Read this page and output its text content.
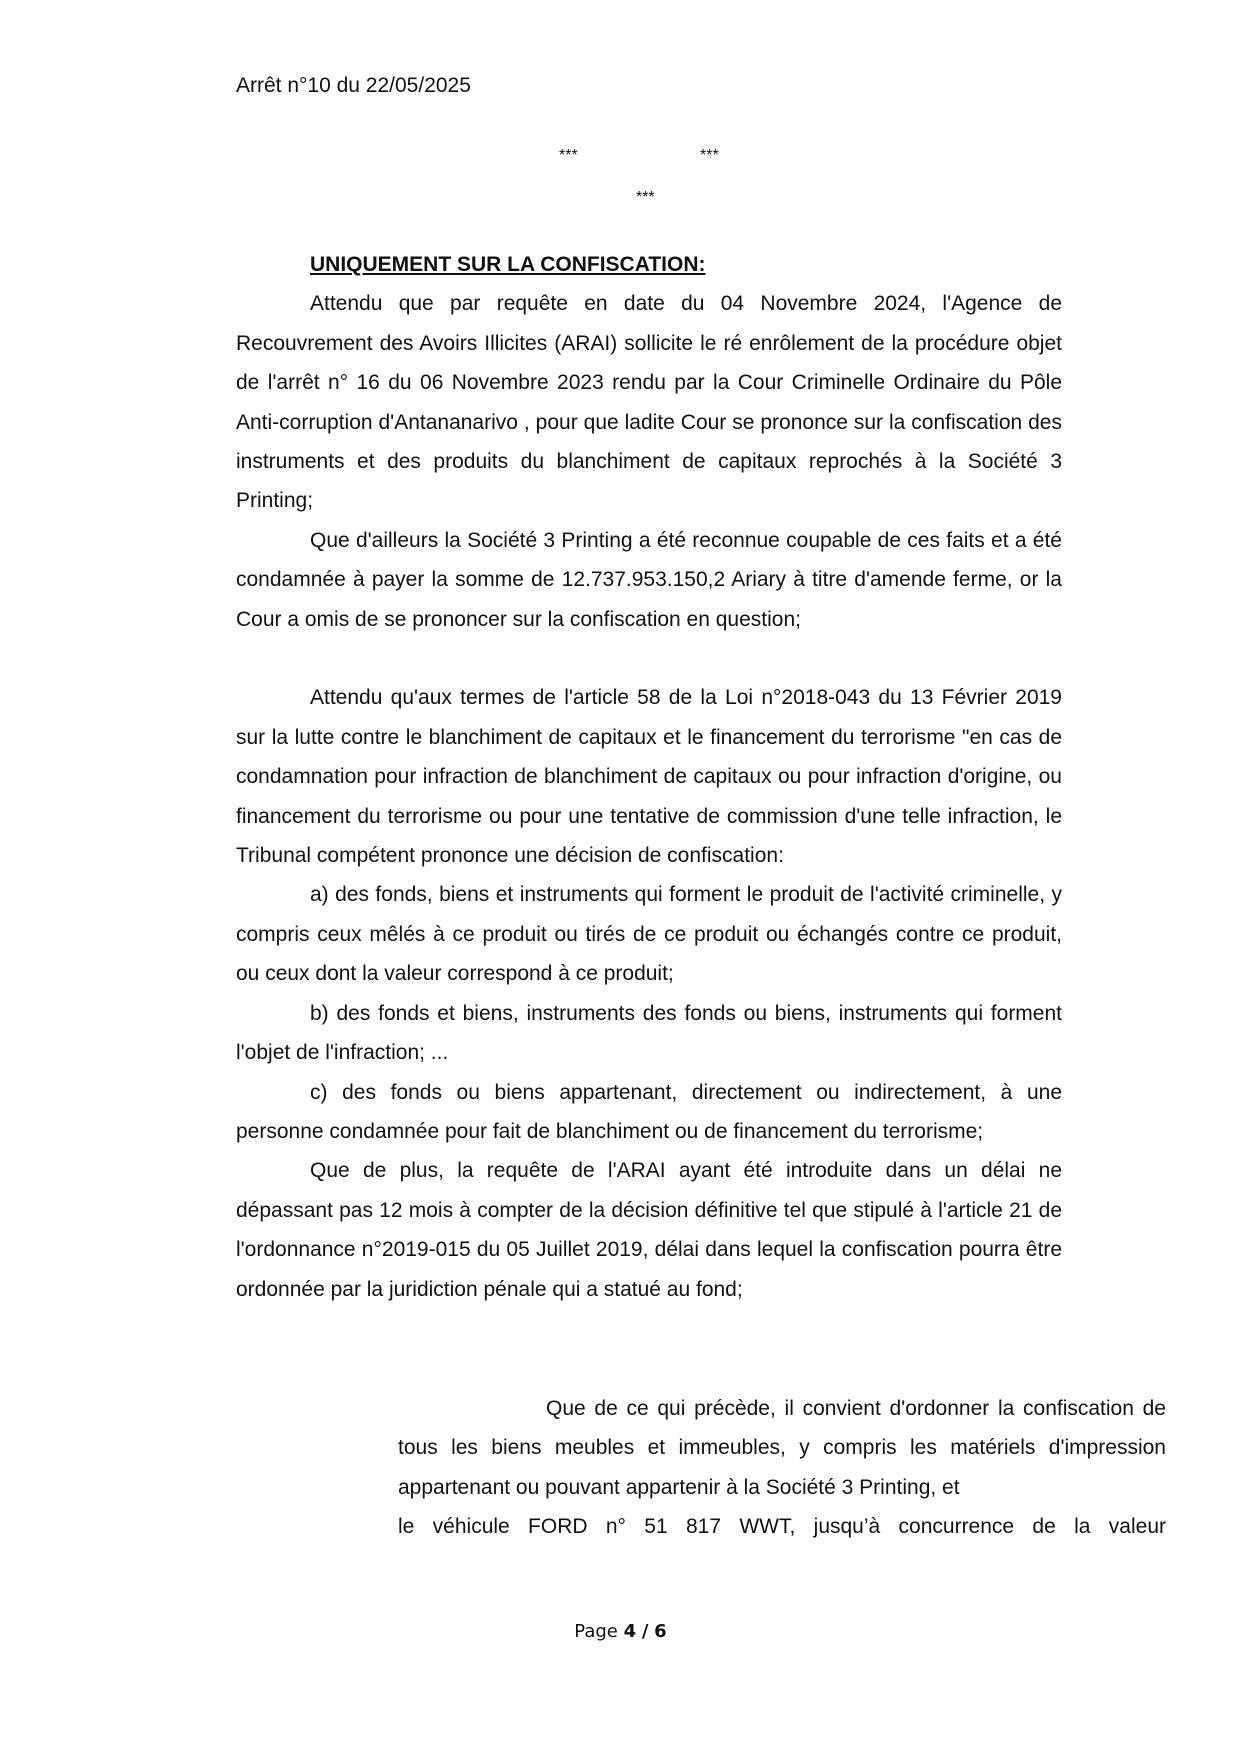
Arrêt n°10 du 22/05/2025
***	***
***
UNIQUEMENT SUR LA CONFISCATION:

Attendu que par requête en date du 04 Novembre 2024, l'Agence de Recouvrement des Avoirs Illicites (ARAI) sollicite le ré enrôlement de la procédure objet de l'arrêt n° 16 du 06 Novembre 2023 rendu par la Cour Criminelle Ordinaire du Pôle Anti-corruption d'Antananarivo , pour que ladite Cour se prononce sur la confiscation des instruments et des produits du blanchiment de capitaux reprochés à la Société 3 Printing;

Que d'ailleurs la Société 3 Printing a été reconnue coupable de ces faits et a été condamnée à payer la somme de 12.737.953.150,2 Ariary à titre d'amende ferme, or la Cour a omis de se prononcer sur la confiscation en question;

Attendu qu'aux termes de l'article 58 de la Loi n°2018-043 du 13 Février 2019 sur la lutte contre le blanchiment de capitaux et le financement du terrorisme "en cas de condamnation pour infraction de blanchiment de capitaux ou pour infraction d'origine, ou financement du terrorisme ou pour une tentative de commission d'une telle infraction, le Tribunal compétent prononce une décision de confiscation:

a) des fonds, biens et instruments qui forment le produit de l'activité criminelle, y compris ceux mêlés à ce produit ou tirés de ce produit ou échangés contre ce produit, ou ceux dont la valeur correspond à ce produit;

b) des fonds et biens, instruments des fonds ou biens, instruments qui forment l'objet de l'infraction; ...

c) des fonds ou biens appartenant, directement ou indirectement, à une personne condamnée pour fait de blanchiment ou de financement du terrorisme;

Que de plus, la requête de l'ARAI ayant été introduite dans un délai ne dépassant pas 12 mois à compter de la décision définitive tel que stipulé à l'article 21 de l'ordonnance n°2019-015 du 05 Juillet 2019, délai dans lequel la confiscation pourra être ordonnée par la juridiction pénale qui a statué au fond;

Que de ce qui précède, il convient d'ordonner la confiscation de tous les biens meubles et immeubles, y compris les matériels d'impression appartenant ou pouvant appartenir à la Société 3 Printing, et

le véhicule FORD n° 51 817 WWT, jusqu’à concurrence de la valeur

Page 4 / 6
